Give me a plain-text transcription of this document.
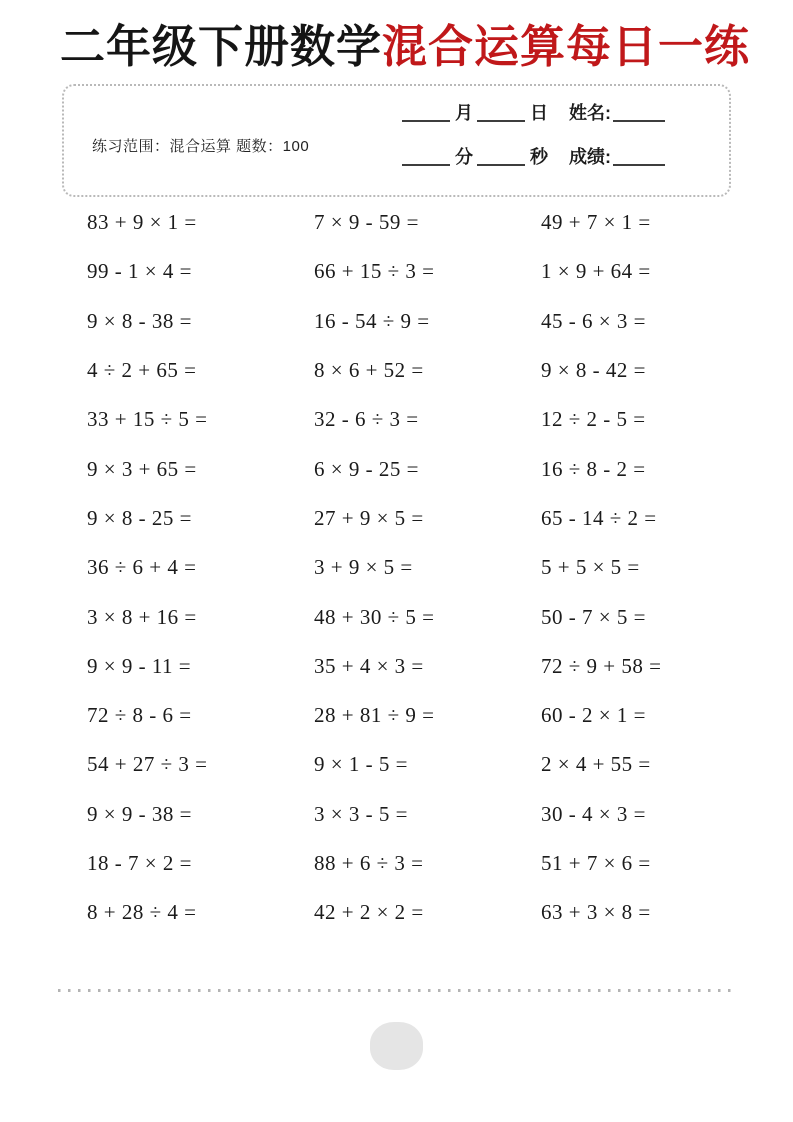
二年级下册数学混合运算每日一练
练习范围：混合运算 题数：100
月	日 姓名:
分	秒 成绩:
83 + 9 × 1 =	7 × 9 - 59 =	49 + 7 × 1 =
99 - 1 × 4 =	66 + 15 ÷ 3 =	1 × 9 + 64 =
9 × 8 - 38 =	16 - 54 ÷ 9 =	45 - 6 × 3 =
4 ÷ 2 + 65 =	8 × 6 + 52 =	9 × 8 - 42 =
33 + 15 ÷ 5 =	32 - 6 ÷ 3 =	12 ÷ 2 - 5 =
9 × 3 + 65 =	6 × 9 - 25 =	16 ÷ 8 - 2 =
9 × 8 - 25 =	27 + 9 × 5 =	65 - 14 ÷ 2 =
36 ÷ 6 + 4 =	3 + 9 × 5 =	5 + 5 × 5 =
3 × 8 + 16 =	48 + 30 ÷ 5 =	50 - 7 × 5 =
9 × 9 - 11 =	35 + 4 × 3 =	72 ÷ 9 + 58 =
72 ÷ 8 - 6 =	28 + 81 ÷ 9 =	60 - 2 × 1 =
54 + 27 ÷ 3 =	9 × 1 - 5 =	2 × 4 + 55 =
9 × 9 - 38 =	3 × 3 - 5 =	30 - 4 × 3 =
18 - 7 × 2 =	88 + 6 ÷ 3 =	51 + 7 × 6 =
8 + 28 ÷ 4 =	42 + 2 × 2 =	63 + 3 × 8 =
